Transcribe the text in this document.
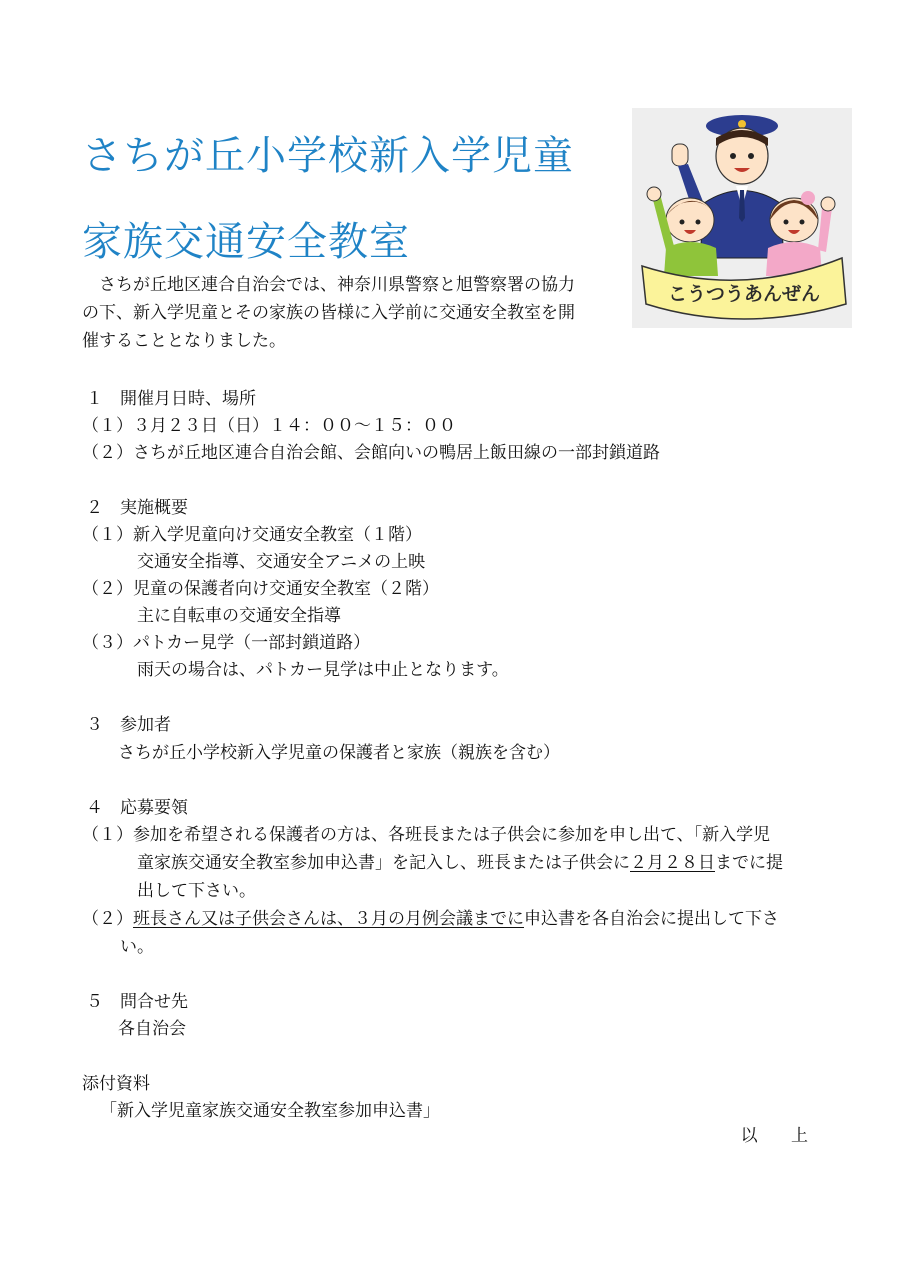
さちが丘小学校新入学児童
家族交通安全教室
こうつうあんぜん
　さちが丘地区連合自治会では、神奈川県警察と旭警察署の協力
の下、新入学児童とその家族の皆様に入学前に交通安全教室を開
催することとなりました。
１　開催月日時、場所
（１）３月２３日（日）１４：００～１５：００
（２）さちが丘地区連合自治会館、会館向いの鴨居上飯田線の一部封鎖道路
２　実施概要
（１）新入学児童向け交通安全教室（１階）
交通安全指導、交通安全アニメの上映
（２）児童の保護者向け交通安全教室（２階）
主に自転車の交通安全指導
（３）パトカー見学（一部封鎖道路）
雨天の場合は、パトカー見学は中止となります。
３　参加者
さちが丘小学校新入学児童の保護者と家族（親族を含む）
４　応募要領
（１）参加を希望される保護者の方は、各班長または子供会に参加を申し出て、「新入学児
童家族交通安全教室参加申込書」を記入し、班長または子供会に２月２８日までに提
出して下さい。
（２）班長さん又は子供会さんは、３月の月例会議までに申込書を各自治会に提出して下さ
い。
５　問合せ先
各自治会
添付資料
「新入学児童家族交通安全教室参加申込書」
以 上
